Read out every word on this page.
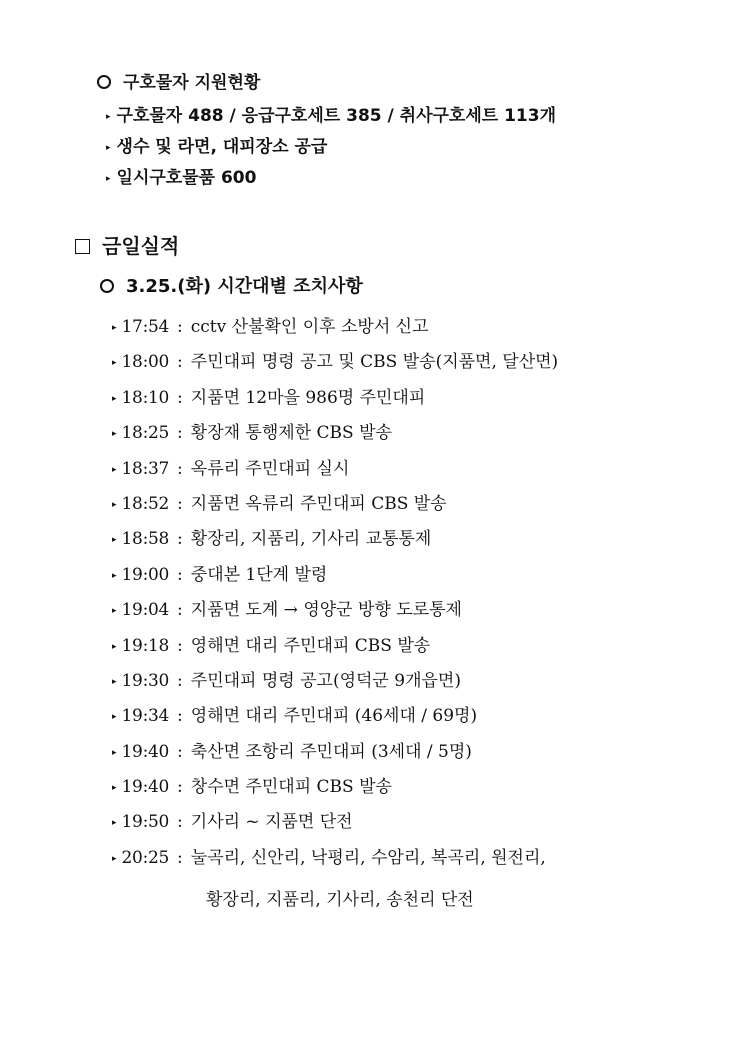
구호물자 지원현황
▸ 구호물자 488 / 응급구호세트 385 / 취사구호세트 113개
▸ 생수 및 라면, 대피장소 공급
▸ 일시구호물품 600
금일실적
3.25.(화) 시간대별 조치사항
▸ 17:54 : cctv 산불확인 이후 소방서 신고
▸ 18:00 : 주민대피 명령 공고 및 CBS 발송(지품면, 달산면)
▸ 18:10 : 지품면 12마을 986명 주민대피
▸ 18:25 : 황장재 통행제한 CBS 발송
▸ 18:37 : 옥류리 주민대피 실시
▸ 18:52 : 지품면 옥류리 주민대피 CBS 발송
▸ 18:58 : 황장리, 지품리, 기사리 교통통제
▸ 19:00 : 중대본 1단계 발령
▸ 19:04 : 지품면 도계 → 영양군 방향 도로통제
▸ 19:18 : 영해면 대리 주민대피 CBS 발송
▸ 19:30 : 주민대피 명령 공고(영덕군 9개읍면)
▸ 19:34 : 영해면 대리 주민대피 (46세대 / 69명)
▸ 19:40 : 축산면 조항리 주민대피 (3세대 / 5명)
▸ 19:40 : 창수면 주민대피 CBS 발송
▸ 19:50 : 기사리 ~ 지품면 단전
▸ 20:25 : 눌곡리, 신안리, 낙평리, 수암리, 복곡리, 원전리,
황장리, 지품리, 기사리, 송천리 단전
